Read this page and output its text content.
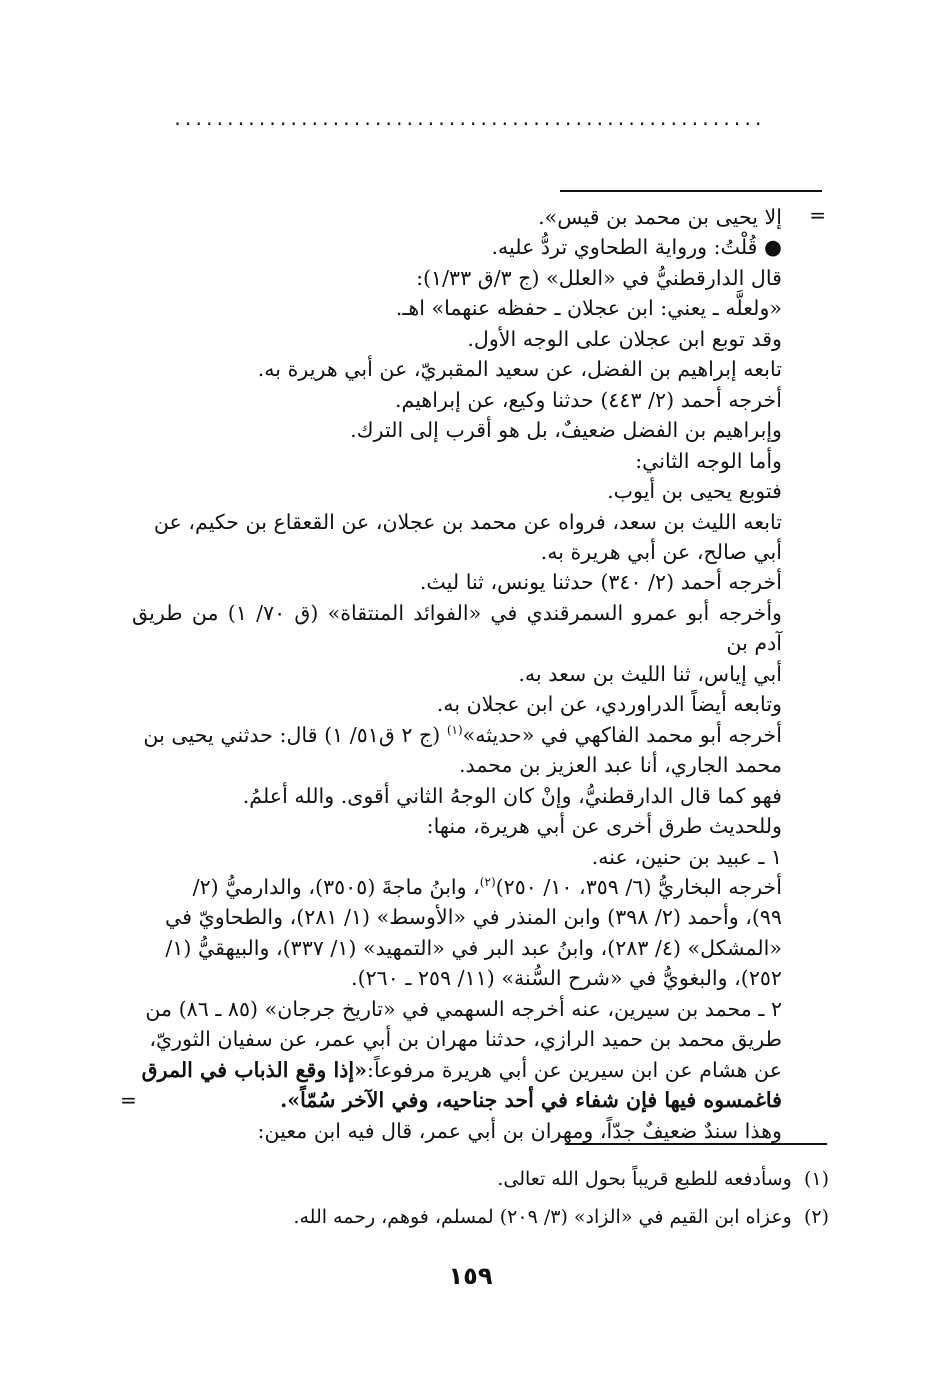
........................................................
=

إلا يحيى بن محمد بن قيس».

● قُلْتُ: ورواية الطحاوي تردُّ عليه.

قال الدارقطنيُّ في «العلل» (ج ٣/ق ١/٣٣):

«ولعلَّه ـ يعني: ابن عجلان ـ حفظه عنهما» اهـ.

وقد توبع ابن عجلان على الوجه الأول.

تابعه إبراهيم بن الفضل، عن سعيد المقبريّ، عن أبي هريرة به.

أخرجه أحمد (٢/ ٤٤٣) حدثنا وكيع، عن إبراهيم.

وإبراهيم بن الفضل ضعيفٌ، بل هو أقرب إلى الترك.

وأما الوجه الثاني:

فتوبع يحيى بن أيوب.

تابعه الليث بن سعد، فرواه عن محمد بن عجلان، عن القعقاع بن حكيم، عن

أبي صالح، عن أبي هريرة به.

أخرجه أحمد (٢/ ٣٤٠) حدثنا يونس، ثنا ليث.

وأخرجه أبو عمرو السمرقندي في «الفوائد المنتقاة» (ق ٧٠/ ١) من طريق آدم بن

أبي إياس، ثنا الليث بن سعد به.

وتابعه أيضاً الدراوردي، عن ابن عجلان به.

أخرجه أبو محمد الفاكهي في «حديثه»$^{(١)}$ (ج ٢ ق٥١/ ١) قال: حدثني يحيى بن

محمد الجاري، أنا عبد العزيز بن محمد.

فهو كما قال الدارقطنيُّ، وإنْ كان الوجهُ الثاني أقوى. والله أعلمُ.

وللحديث طرق أخرى عن أبي هريرة، منها:

١ ـ عبيد بن حنين، عنه.

أخرجه البخاريُّ (٦/ ٣٥٩، ١٠/ ٢٥٠)$^{(٢)}$، وابنُ ماجةَ (٣٥٠٥)، والدارميُّ (٢/

٩٩)، وأحمد (٢/ ٣٩٨) وابن المنذر في «الأوسط» (١/ ٢٨١)، والطحاويّ في

«المشكل» (٤/ ٢٨٣)، وابنُ عبد البر في «التمهيد» (١/ ٣٣٧)، والبيهقيُّ (١/

٢٥٢)، والبغويُّ في «شرح السُّنة» (١١/ ٢٥٩ ـ ٢٦٠).

٢ ـ محمد بن سيرين، عنه أخرجه السهمي في «تاريخ جرجان» (٨٥ ـ ٨٦) من

طريق محمد بن حميد الرازي، حدثنا مهران بن أبي عمر، عن سفيان الثوريّ،

عن هشام عن ابن سيرين عن أبي هريرة مرفوعاً:«إذا وقع الذباب في المرق

فاغمسوه فيها فإن شفاء في أحد جناحيه، وفي الآخر سُمّاً».

وهذا سندٌ ضعيفٌ جدّاً، ومهران بن أبي عمر، قال فيه ابن معين:

=

(١)  وسأدفعه للطبع قريباً بحول الله تعالى.

(٢)  وعزاه ابن القيم في «الزاد» (٣/ ٢٠٩) لمسلم، فوهم، رحمه الله.

١٥٩
